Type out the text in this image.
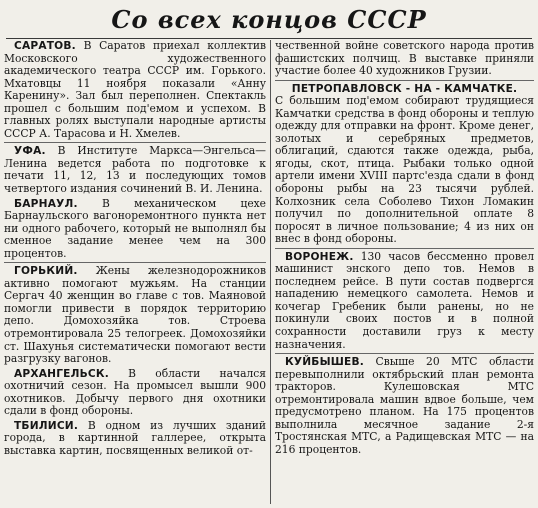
Со всех концов СССР

САРАТОВ. В Саратов приехал коллектив Московского художественного академического театра СССР им. Горького. Мхатовцы 11 ноября показали «Анну Каренину». Зал был переполнен. Спектакль прошел с большим под'емом и успехом. В главных ролях выступали народные артисты СССР А. Тарасова и Н. Хмелев.

УФА. В Институте Маркса—Энгельса—Ленина ведется работа по подготовке к печати 11, 12, 13 и последующих томов четвертого издания сочинений В. И. Ленина.

БАРНАУЛ. В механическом цехе Барнаульского вагоноремонтного пункта нет ни одного рабочего, который не выполнял бы сменное задание менее чем на 300 процентов.

ГОРЬКИЙ. Жены железнодорожников активно помогают мужьям. На станции Сергач 40 женщин во главе с тов. Маяновой помогли привести в порядок территорию депо. Домохозяйка тов. Строева отремонтировала 25 телогреек. Домохозяйки ст. Шахунья систематически помогают вести разгрузку вагонов.

АРХАНГЕЛЬСК. В области начался охотничий сезон. На промысел вышли 900 охотников. Добычу первого дня охотники сдали в фонд обороны.

ТБИЛИСИ. В одном из лучших зданий города, в картинной галлерее, открыта выставка картин, посвященных великой от-

чественной войне советского народа против фашистских полчищ. В выставке приняли участие более 40 художников Грузии.

ПЕТРОПАВЛОВСК - НА - КАМЧАТКЕ.
С большим под'емом собирают трудящиеся Камчатки средства в фонд обороны и теплую одежду для отправки на фронт. Кроме денег, золотых и серебряных предметов, облигаций, сдаются также одежда, рыба, ягоды, скот, птица. Рыбаки только одной артели имени XVIII партс'езда сдали в фонд обороны рыбы на 23 тысячи рублей. Колхозник села Соболево Тихон Ломакин получил по дополнительной оплате 8 поросят в личное пользование; 4 из них он внес в фонд обороны.

ВОРОНЕЖ. 130 часов бессменно провел машинист энского депо тов. Немов в последнем рейсе. В пути состав подвергся нападению немецкого самолета. Немов и кочегар Гребеник были ранены, но не покинули своих постов и в полной сохранности доставили груз к месту назначения.

КУЙБЫШЕВ. Свыше 20 МТС области перевыполнили октябрьский план ремонта тракторов. Кулешовская МТС отремонтировала машин вдвое больше, чем предусмотрено планом. На 175 процентов выполнила месячное задание 2-я Тростянская МТС, а Радищевская МТС — на 216 процентов.
